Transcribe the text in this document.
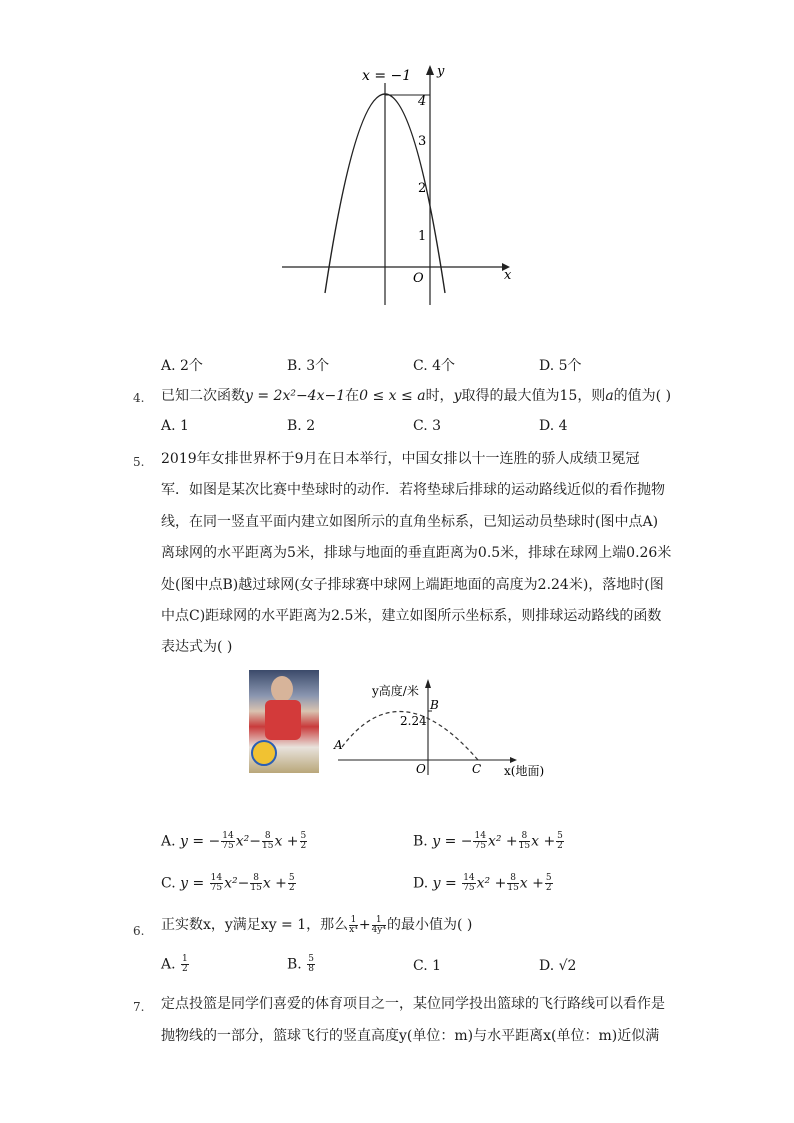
4
3
2
1
O	x
y
x = −1
A. 2个	B. 3个	C. 4个	D. 5个
4. 已知二次函数y = 2x²−4x−1在0 ≤ x ≤ a时，y取得的最大值为15，则a的值为( )
A. 1	B. 2	C. 3	D. 4
5. 2019年女排世界杯于9月在日本举行，中国女排以十一连胜的骄人成绩卫冕冠
军．如图是某次比赛中垫球时的动作．若将垫球后排球的运动路线近似的看作抛物
线，在同一竖直平面内建立如图所示的直角坐标系，已知运动员垫球时(图中点A)
离球网的水平距离为5米，排球与地面的垂直距离为0.5米，排球在球网上端0.26米
处(图中点B)越过球网(女子排球赛中球网上端距地面的高度为2.24米)，落地时(图
中点C)距球网的水平距离为2.5米，建立如图所示坐标系，则排球运动路线的函数
表达式为( )
y高度/米
2.24
B
A
O	C x(地面)
A. y = − $\frac{14}{75} x^2- \frac{8}{15}$ $x + \frac{5}{2}$	B. y = − $\frac{14}{75} x^2 + \frac{8}{15}$ $x + \frac{5}{2}$
C. $y = \frac{14}{75} x^2- \frac{8}{15}$ $x + \frac{5}{2}$	D. $y = \frac{14}{75} x^2 + \frac{8}{15}$ $x + \frac{5}{2}$
6. 正实数x，y满足xy = 1，那么 $\frac{1}{\text{x⁴}} + \frac{1}{\text{4y⁴}}$ 的最小值为( )
A. $\frac{1}{2}$	B. $\frac{5}{8}$	C. 1	D. √2
7. 定点投篮是同学们喜爱的体育项目之一，某位同学投出篮球的飞行路线可以看作是
抛物线的一部分，篮球飞行的竖直高度y(单位：m)与水平距离x(单位：m)近似满
